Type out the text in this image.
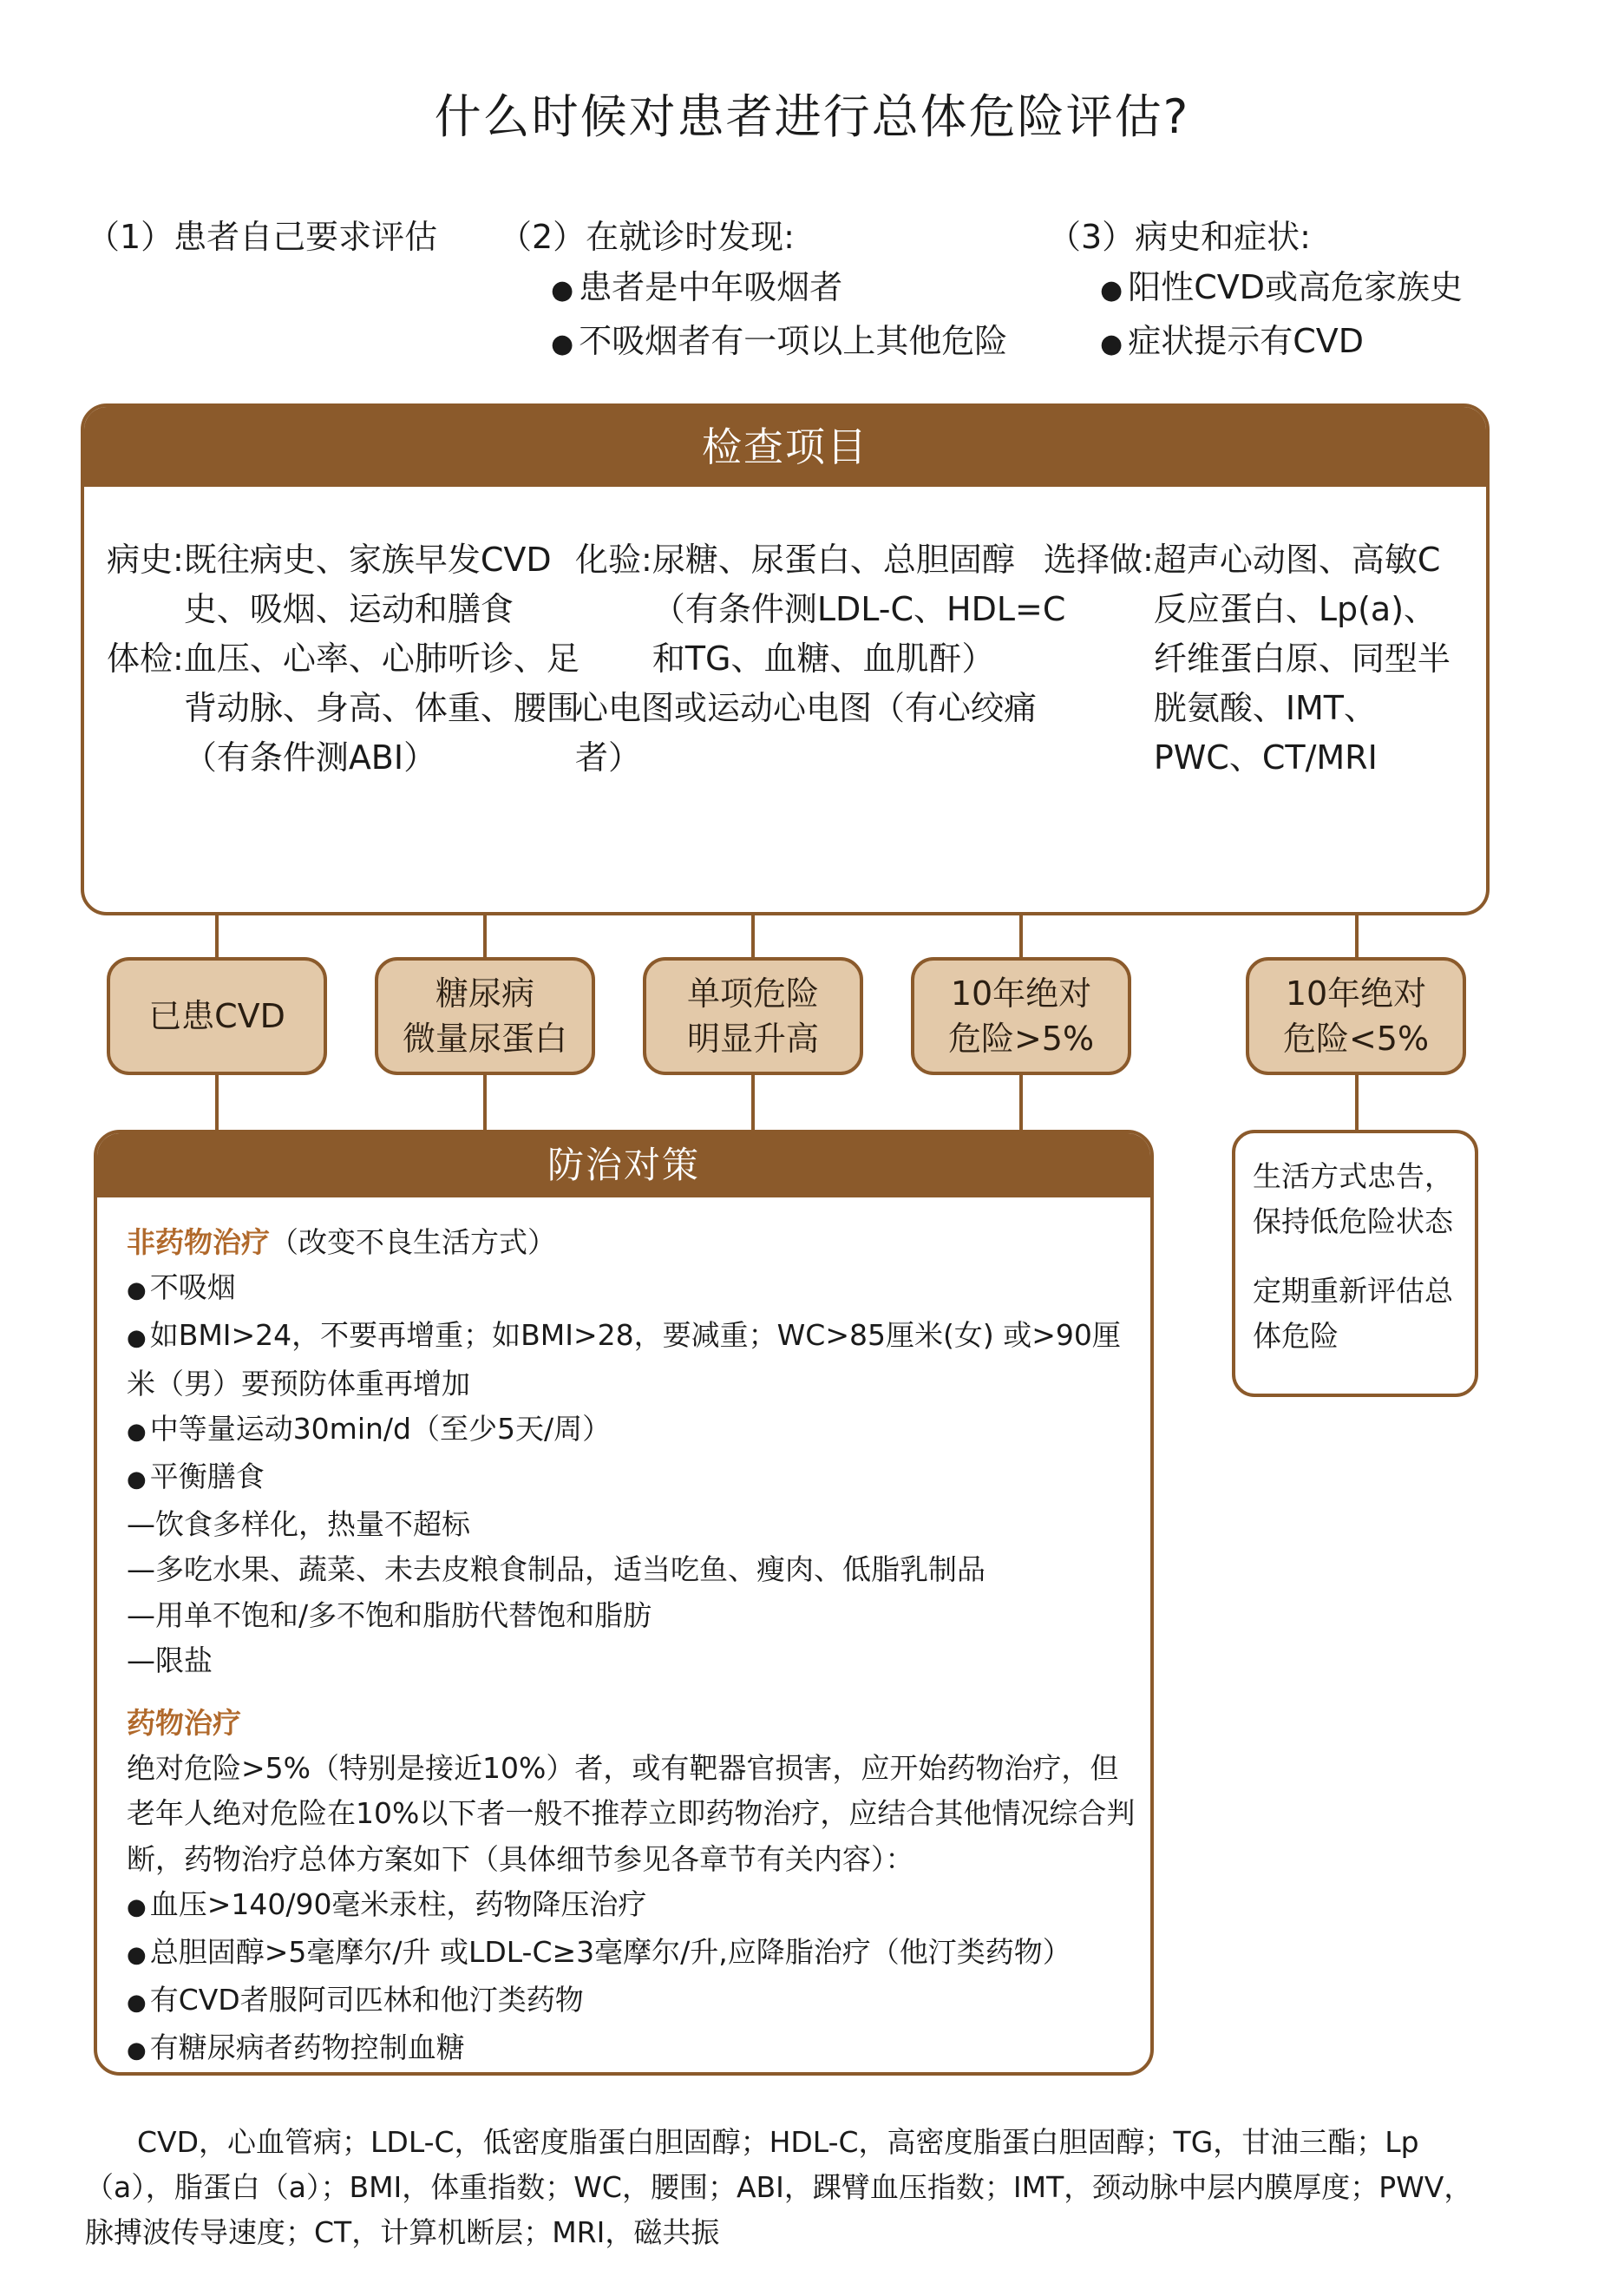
什么时候对患者进行总体危险评估?
（1）患者自己要求评估	（2）在就诊时发现:
● 患者是中年吸烟者
● 不吸烟者有一项以上其他危险
（3）病史和症状:
● 阳性CVD或高危家族史
● 症状提示有CVD
检查项目
病史: 既往病史、家族早发CVD史、吸烟、运动和膳食
体检: 血压、心率、心肺听诊、足背动脉、身高、体重、腰围（有条件测ABI）
化验: 尿糖、尿蛋白、总胆固醇（有条件测LDL-C、HDL=C 和TG、血糖、血肌酐）
心电图或运动心电图（有心绞痛者）
选择做: 超声心动图、高敏C反应蛋白、Lp(a)、纤维蛋白原、同型半胱氨酸、IMT、PWC、CT/MRI
已患CVD
糖尿病
微量尿蛋白
单项危险
明显升高
10年绝对
危险>5%
10年绝对
危险<5%
防治对策
非药物治疗（改变不良生活方式）
● 不吸烟
● 如BMI>24，不要再增重；如BMI>28，要减重；WC>85厘米(女) 或>90厘米（男）要预防体重再增加
● 中等量运动30min/d（至少5天/周）
● 平衡膳食
—饮食多样化，热量不超标
—多吃水果、蔬菜、未去皮粮食制品，适当吃鱼、瘦肉、低脂乳制品
—用单不饱和/多不饱和脂肪代替饱和脂肪
—限盐
药物治疗
绝对危险>5%（特别是接近10%）者，或有靶器官损害，应开始药物治疗，但老年人绝对危险在10%以下者一般不推荐立即药物治疗，应结合其他情况综合判断，药物治疗总体方案如下（具体细节参见各章节有关内容）：
● 血压>140/90毫米汞柱，药物降压治疗
● 总胆固醇>5毫摩尔/升 或LDL-C≥3毫摩尔/升,应降脂治疗（他汀类药物）
● 有CVD者服阿司匹林和他汀类药物
● 有糖尿病者药物控制血糖
生活方式忠告，保持低危险状态
定期重新评估总体危险
CVD，心血管病；LDL-C，低密度脂蛋白胆固醇；HDL-C，高密度脂蛋白胆固醇；TG，甘油三酯；Lp（a），脂蛋白（a）；BMI，体重指数；WC，腰围；ABI，踝臂血压指数；IMT，颈动脉中层内膜厚度；PWV，脉搏波传导速度；CT，计算机断层；MRI，磁共振
